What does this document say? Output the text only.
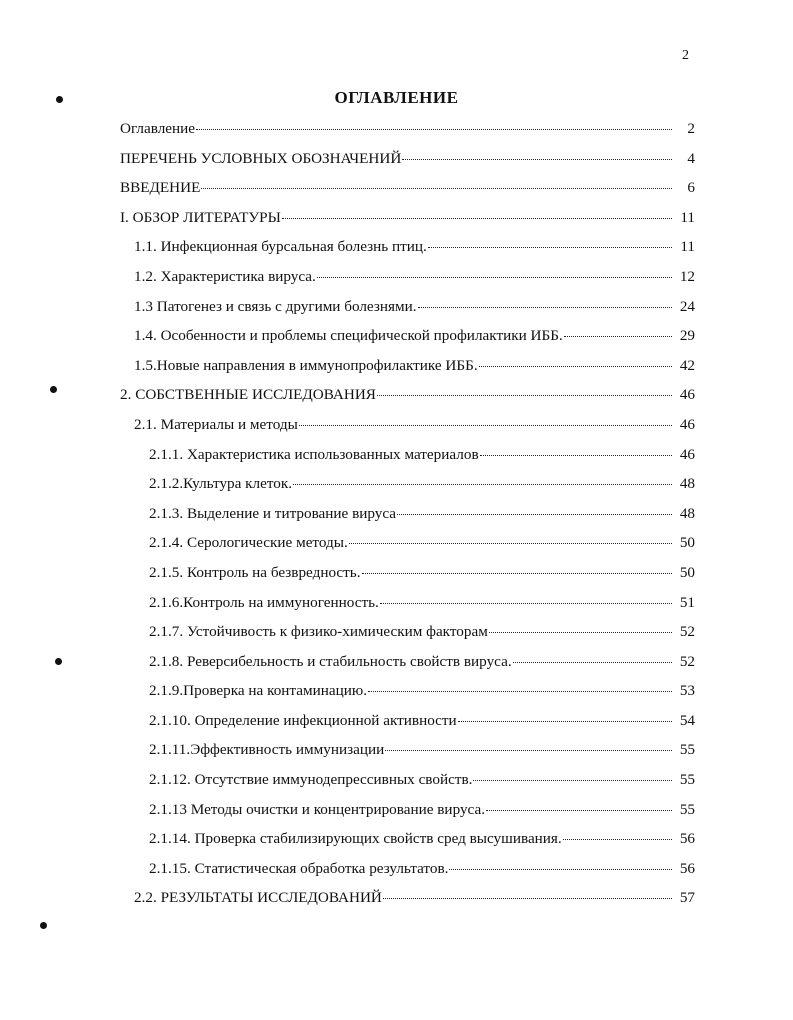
2
ОГЛАВЛЕНИЕ
Оглавление	2
ПЕРЕЧЕНЬ УСЛОВНЫХ ОБОЗНАЧЕНИЙ	4
ВВЕДЕНИЕ	6
I. ОБЗОР ЛИТЕРАТУРЫ	11
1.1. Инфекционная бурсальная болезнь птиц.	11
1.2. Характеристика вируса.	12
1.3 Патогенез и связь с другими болезнями.	24
1.4. Особенности и проблемы специфической профилактики ИББ.	29
1.5.Новые направления в иммунопрофилактике ИББ.	42
2. СОБСТВЕННЫЕ ИССЛЕДОВАНИЯ	46
2.1. Материалы и методы	46
2.1.1. Характеристика использованных материалов	46
2.1.2.Культура клеток.	48
2.1.3. Выделение и титрование вируса	48
2.1.4. Серологические методы.	50
2.1.5. Контроль на безвредность.	50
2.1.6.Контроль на иммуногенность.	51
2.1.7. Устойчивость к физико-химическим факторам	52
2.1.8. Реверсибельность и стабильность свойств вируса.	52
2.1.9.Проверка на контаминацию.	53
2.1.10. Определение инфекционной активности	54
2.1.11.Эффективность иммунизации	55
2.1.12. Отсутствие иммунодепрессивных свойств.	55
2.1.13 Методы очистки и концентрирование вируса.	55
2.1.14. Проверка стабилизирующих свойств сред высушивания.	56
2.1.15. Статистическая обработка результатов.	56
2.2. РЕЗУЛЬТАТЫ ИССЛЕДОВАНИЙ	57
